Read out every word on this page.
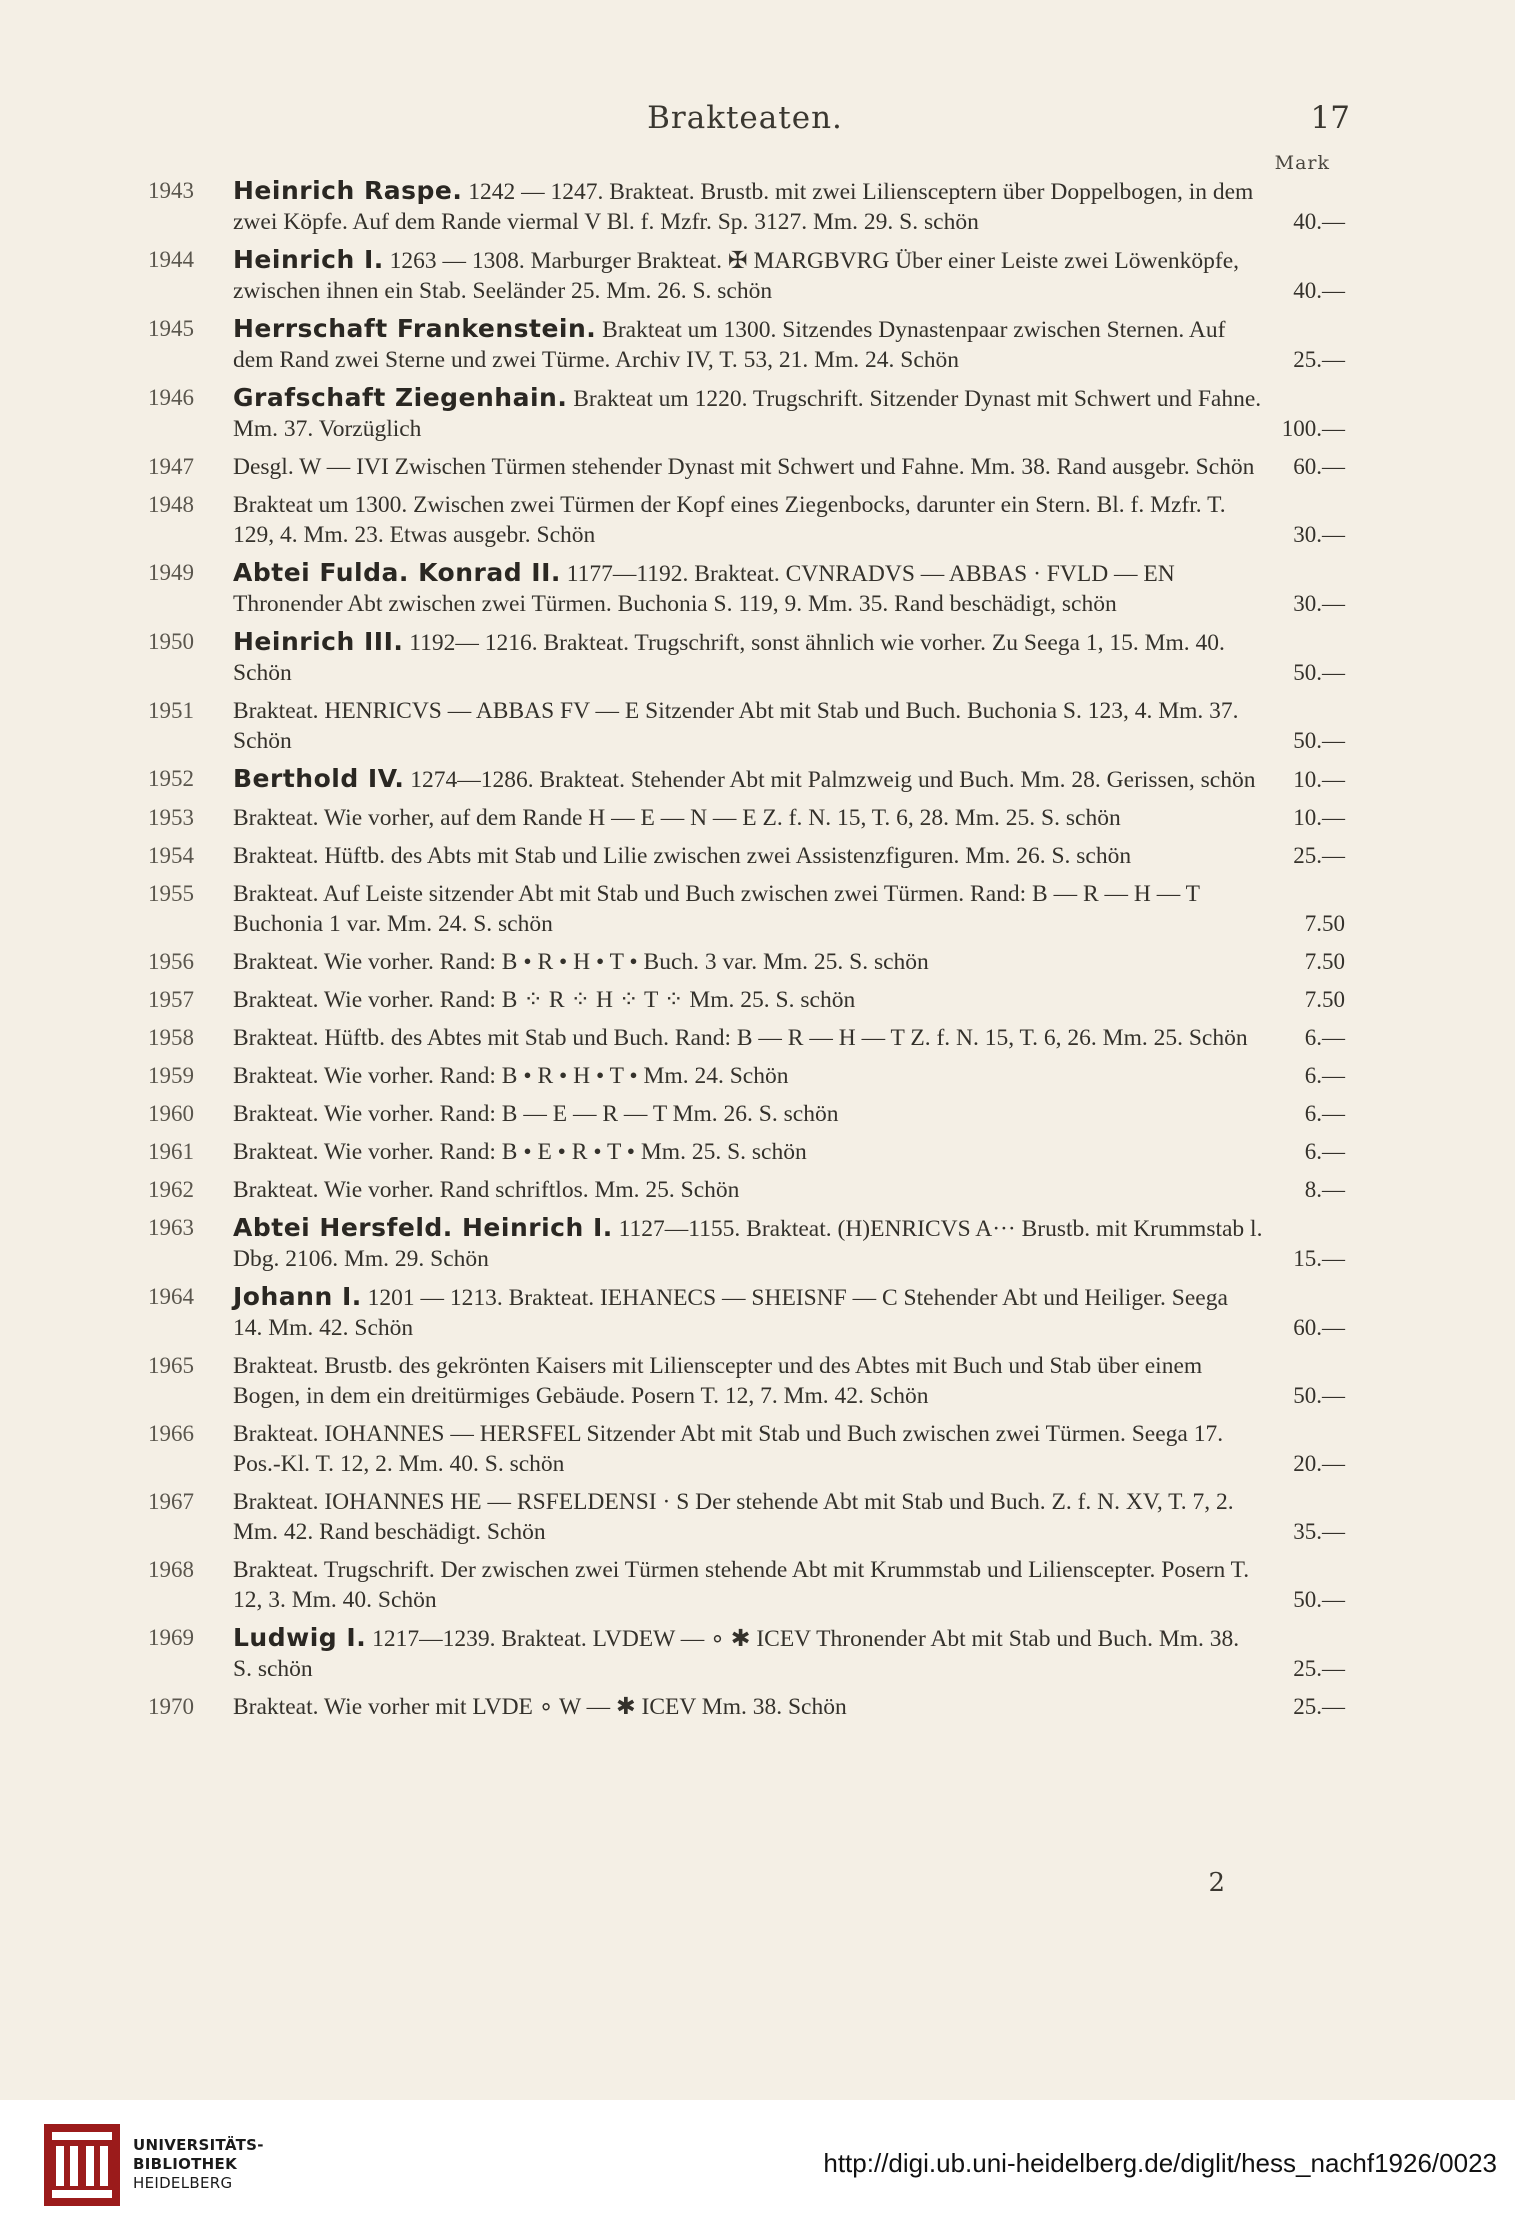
Brakteaten.	17
Mark
1943 Heinrich Raspe. 1242 — 1247. Brakteat. Brustb. mit zwei Liliensceptern über Doppelbogen, in dem zwei Köpfe. Auf dem Rande viermal V Bl. f. Mzfr. Sp. 3127. Mm. 29. S. schön	40.—
1944 Heinrich I. 1263 — 1308. Marburger Brakteat. ✠ MARGBVRG Über einer Leiste zwei Löwenköpfe, zwischen ihnen ein Stab. Seeländer 25. Mm. 26. S. schön	40.—
1945 Herrschaft Frankenstein. Brakteat um 1300. Sitzendes Dynastenpaar zwischen Sternen. Auf dem Rand zwei Sterne und zwei Türme. Archiv IV, T. 53, 21. Mm. 24. Schön	25.—
1946 Grafschaft Ziegenhain. Brakteat um 1220. Trugschrift. Sitzender Dynast mit Schwert und Fahne. Mm. 37. Vorzüglich	100.—
1947 Desgl. W — IVI Zwischen Türmen stehender Dynast mit Schwert und Fahne. Mm. 38. Rand ausgebr. Schön	60.—
1948 Brakteat um 1300. Zwischen zwei Türmen der Kopf eines Ziegenbocks, darunter ein Stern. Bl. f. Mzfr. T. 129, 4. Mm. 23. Etwas ausgebr. Schön	30.—
1949 Abtei Fulda. Konrad II. 1177—1192. Brakteat. CVNRADVS — ABBAS · FVLD — EN Thronender Abt zwischen zwei Türmen. Buchonia S. 119, 9. Mm. 35. Rand beschädigt, schön	30.—
1950 Heinrich III. 1192— 1216. Brakteat. Trugschrift, sonst ähnlich wie vorher. Zu Seega 1, 15. Mm. 40. Schön	50.—
1951 Brakteat. HENRICVS — ABBAS FV — E Sitzender Abt mit Stab und Buch. Buchonia S. 123, 4. Mm. 37. Schön	50.—
1952 Berthold IV. 1274—1286. Brakteat. Stehender Abt mit Palmzweig und Buch. Mm. 28. Gerissen, schön	10.—
1953 Brakteat. Wie vorher, auf dem Rande H — E — N — E Z. f. N. 15, T. 6, 28. Mm. 25. S. schön	10.—
1954 Brakteat. Hüftb. des Abts mit Stab und Lilie zwischen zwei Assistenzfiguren. Mm. 26. S. schön	25.—
1955 Brakteat. Auf Leiste sitzender Abt mit Stab und Buch zwischen zwei Türmen. Rand: B — R — H — T Buchonia 1 var. Mm. 24. S. schön	7.50
1956 Brakteat. Wie vorher. Rand: B • R • H • T • Buch. 3 var. Mm. 25. S. schön	7.50
1957 Brakteat. Wie vorher. Rand: B ⁘ R ⁘ H ⁘ T ⁘ Mm. 25. S. schön	7.50
1958 Brakteat. Hüftb. des Abtes mit Stab und Buch. Rand: B — R — H — T Z. f. N. 15, T. 6, 26. Mm. 25. Schön	6.—
1959 Brakteat. Wie vorher. Rand: B • R • H • T • Mm. 24. Schön	6.—
1960 Brakteat. Wie vorher. Rand: B — E — R — T Mm. 26. S. schön	6.—
1961 Brakteat. Wie vorher. Rand: B • E • R • T • Mm. 25. S. schön	6.—
1962 Brakteat. Wie vorher. Rand schriftlos. Mm. 25. Schön	8.—
1963 Abtei Hersfeld. Heinrich I. 1127—1155. Brakteat. (H)ENRICVS A··· Brustb. mit Krummstab l. Dbg. 2106. Mm. 29. Schön	15.—
1964 Johann I. 1201 — 1213. Brakteat. IEHANECS — SHEISNF — C Stehender Abt und Heiliger. Seega 14. Mm. 42. Schön	60.—
1965 Brakteat. Brustb. des gekrönten Kaisers mit Lilienscepter und des Abtes mit Buch und Stab über einem Bogen, in dem ein dreitürmiges Gebäude. Posern T. 12, 7. Mm. 42. Schön	50.—
1966 Brakteat. IOHANNES — HERSFEL Sitzender Abt mit Stab und Buch zwischen zwei Türmen. Seega 17. Pos.-Kl. T. 12, 2. Mm. 40. S. schön	20.—
1967 Brakteat. IOHANNES HE — RSFELDENSI · S Der stehende Abt mit Stab und Buch. Z. f. N. XV, T. 7, 2. Mm. 42. Rand beschädigt. Schön	35.—
1968 Brakteat. Trugschrift. Der zwischen zwei Türmen stehende Abt mit Krummstab und Lilienscepter. Posern T. 12, 3. Mm. 40. Schön	50.—
1969 Ludwig I. 1217—1239. Brakteat. LVDEW — ∘ ✱ ICEV Thronender Abt mit Stab und Buch. Mm. 38. S. schön	25.—
1970 Brakteat. Wie vorher mit LVDE ∘ W — ✱ ICEV Mm. 38. Schön	25.—
2
UNIVERSITÄTS-
BIBLIOTHEK
HEIDELBERG
http://digi.ub.uni-heidelberg.de/diglit/hess_nachf1926/0023
